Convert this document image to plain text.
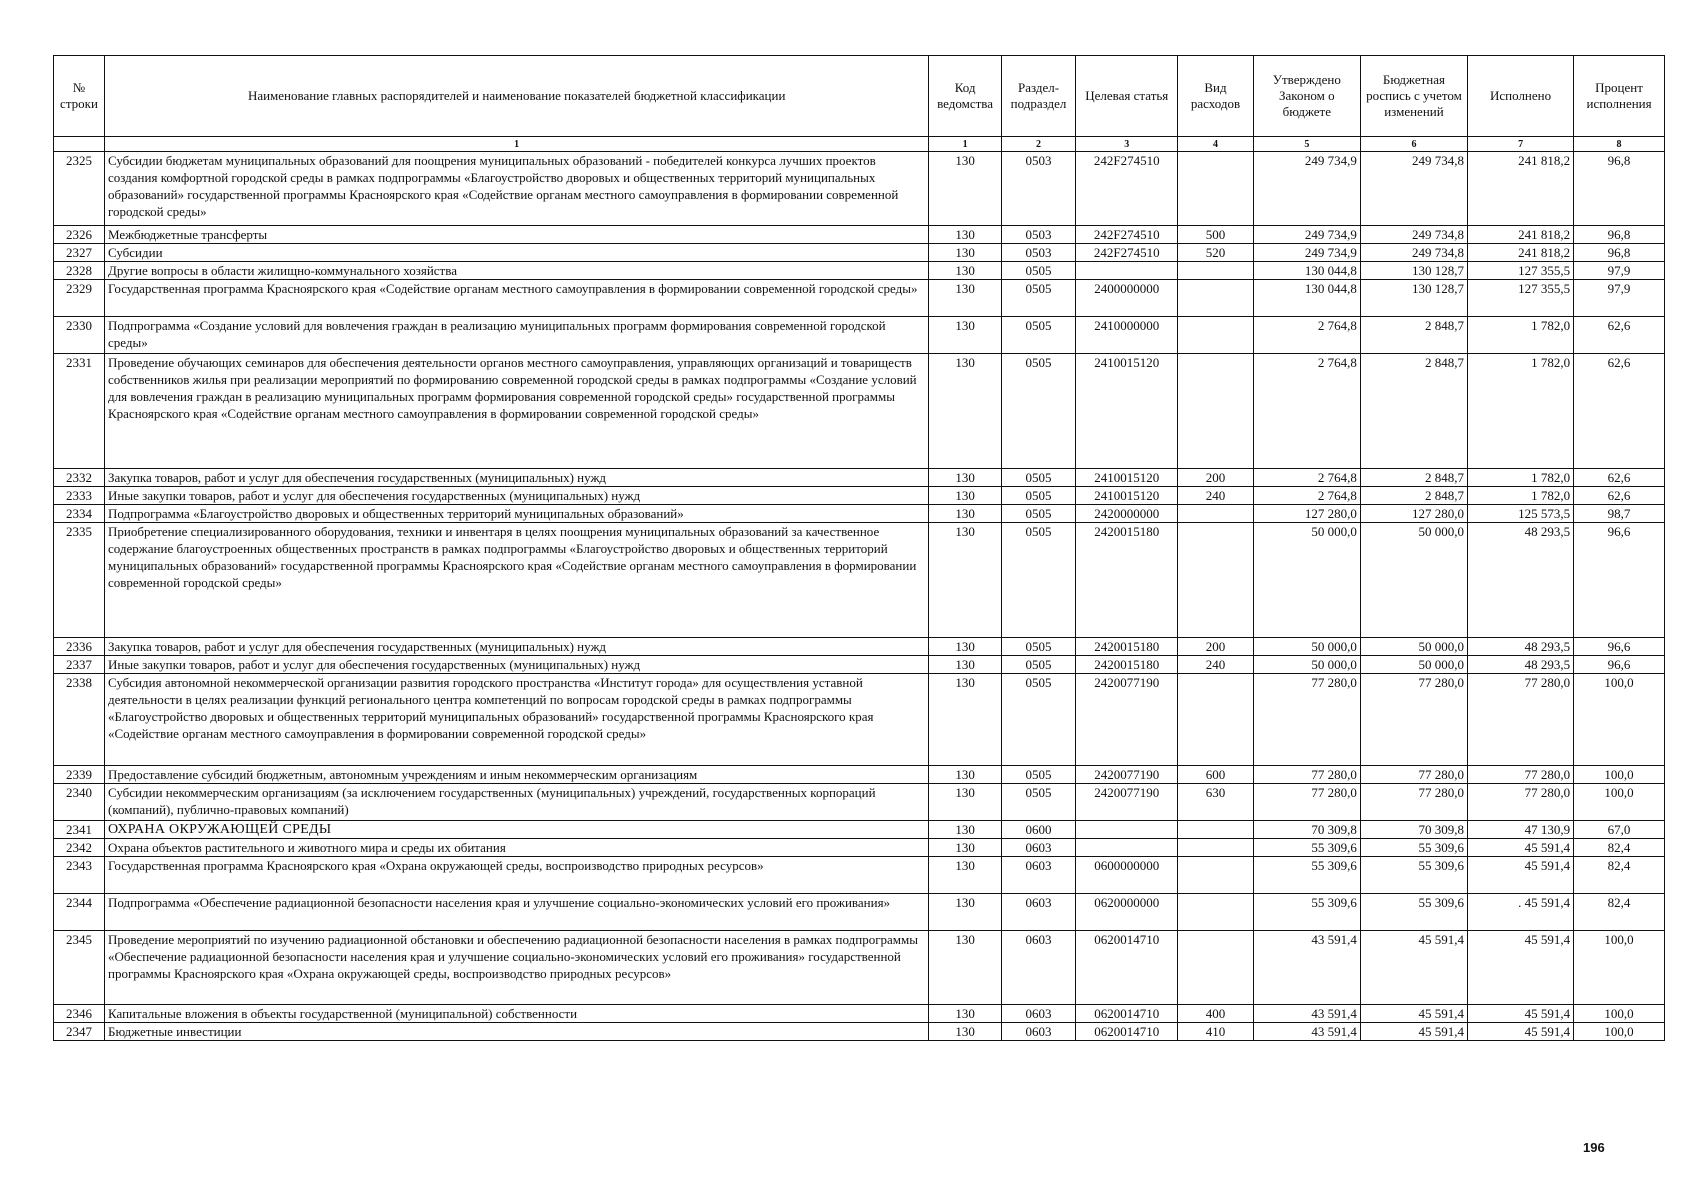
№ строки	Наименование главных распорядителей и наименование показателей бюджетной классификации	Код ведомства	Раздел-подраздел	Целевая статья	Вид расходов	Утверждено Законом о бюджете	Бюджетная роспись с учетом изменений	Исполнено	Процент исполнения
	1	1	2	3	4	5	6	7	8
2325	Субсидии бюджетам муниципальных образований для поощрения муниципальных образований - победителей конкурса лучших проектов создания комфортной городской среды в рамках подпрограммы «Благоустройство дворовых и общественных территорий муниципальных образований» государственной программы Красноярского края «Содействие органам местного самоуправления в формировании современной городской среды»	130	0503	242F274510		249 734,9	249 734,8	241 818,2	96,8
2326	Межбюджетные трансферты	130	0503	242F274510	500	249 734,9	249 734,8	241 818,2	96,8
2327	Субсидии	130	0503	242F274510	520	249 734,9	249 734,8	241 818,2	96,8
2328	Другие вопросы в области жилищно-коммунального хозяйства	130	0505			130 044,8	130 128,7	127 355,5	97,9
2329	Государственная программа Красноярского края «Содействие органам местного самоуправления в формировании современной городской среды»	130	0505	2400000000		130 044,8	130 128,7	127 355,5	97,9
2330	Подпрограмма «Создание условий для вовлечения граждан в реализацию муниципальных программ формирования современной городской среды»	130	0505	2410000000		2 764,8	2 848,7	1 782,0	62,6
2331	Проведение обучающих семинаров для обеспечения деятельности органов местного самоуправления, управляющих организаций и товариществ собственников жилья при реализации мероприятий по формированию современной городской среды в рамках подпрограммы «Создание условий для вовлечения граждан в реализацию муниципальных программ формирования современной городской среды» государственной программы Красноярского края «Содействие органам местного самоуправления в формировании современной городской среды»	130	0505	2410015120		2 764,8	2 848,7	1 782,0	62,6
2332	Закупка товаров, работ и услуг для обеспечения государственных (муниципальных) нужд	130	0505	2410015120	200	2 764,8	2 848,7	1 782,0	62,6
2333	Иные закупки товаров, работ и услуг для обеспечения государственных (муниципальных) нужд	130	0505	2410015120	240	2 764,8	2 848,7	1 782,0	62,6
2334	Подпрограмма «Благоустройство дворовых и общественных территорий муниципальных образований»	130	0505	2420000000		127 280,0	127 280,0	125 573,5	98,7
2335	Приобретение специализированного оборудования, техники и инвентаря в целях поощрения муниципальных образований за качественное содержание благоустроенных общественных пространств в рамках подпрограммы «Благоустройство дворовых и общественных территорий муниципальных образований» государственной программы Красноярского края «Содействие органам местного самоуправления в формировании современной городской среды»	130	0505	2420015180		50 000,0	50 000,0	48 293,5	96,6
2336	Закупка товаров, работ и услуг для обеспечения государственных (муниципальных) нужд	130	0505	2420015180	200	50 000,0	50 000,0	48 293,5	96,6
2337	Иные закупки товаров, работ и услуг для обеспечения государственных (муниципальных) нужд	130	0505	2420015180	240	50 000,0	50 000,0	48 293,5	96,6
2338	Субсидия автономной некоммерческой организации развития городского пространства «Институт города» для осуществления уставной деятельности в целях реализации функций регионального центра компетенций по вопросам городской среды в рамках подпрограммы «Благоустройство дворовых и общественных территорий муниципальных образований» государственной программы Красноярского края «Содействие органам местного самоуправления в формировании современной городской среды»	130	0505	2420077190		77 280,0	77 280,0	77 280,0	100,0
2339	Предоставление субсидий бюджетным, автономным учреждениям и иным некоммерческим организациям	130	0505	2420077190	600	77 280,0	77 280,0	77 280,0	100,0
2340	Субсидии некоммерческим организациям (за исключением государственных (муниципальных) учреждений, государственных корпораций (компаний), публично-правовых компаний)	130	0505	2420077190	630	77 280,0	77 280,0	77 280,0	100,0
2341	ОХРАНА ОКРУЖАЮЩЕЙ СРЕДЫ	130	0600			70 309,8	70 309,8	47 130,9	67,0
2342	Охрана объектов растительного и животного мира и среды их обитания	130	0603			55 309,6	55 309,6	45 591,4	82,4
2343	Государственная программа Красноярского края «Охрана окружающей среды, воспроизводство природных ресурсов»	130	0603	0600000000		55 309,6	55 309,6	45 591,4	82,4
2344	Подпрограмма «Обеспечение радиационной безопасности населения края и улучшение социально-экономических условий его проживания»	130	0603	0620000000		55 309,6	55 309,6	. 45 591,4	82,4
2345	Проведение мероприятий по изучению радиационной обстановки и обеспечению радиационной безопасности населения в рамках подпрограммы «Обеспечение радиационной безопасности населения края и улучшение социально-экономических условий его проживания» государственной программы Красноярского края «Охрана окружающей среды, воспроизводство природных ресурсов»	130	0603	0620014710		43 591,4	45 591,4	45 591,4	100,0
2346	Капитальные вложения в объекты государственной (муниципальной) собственности	130	0603	0620014710	400	43 591,4	45 591,4	45 591,4	100,0
2347	Бюджетные инвестиции	130	0603	0620014710	410	43 591,4	45 591,4	45 591,4	100,0
196
